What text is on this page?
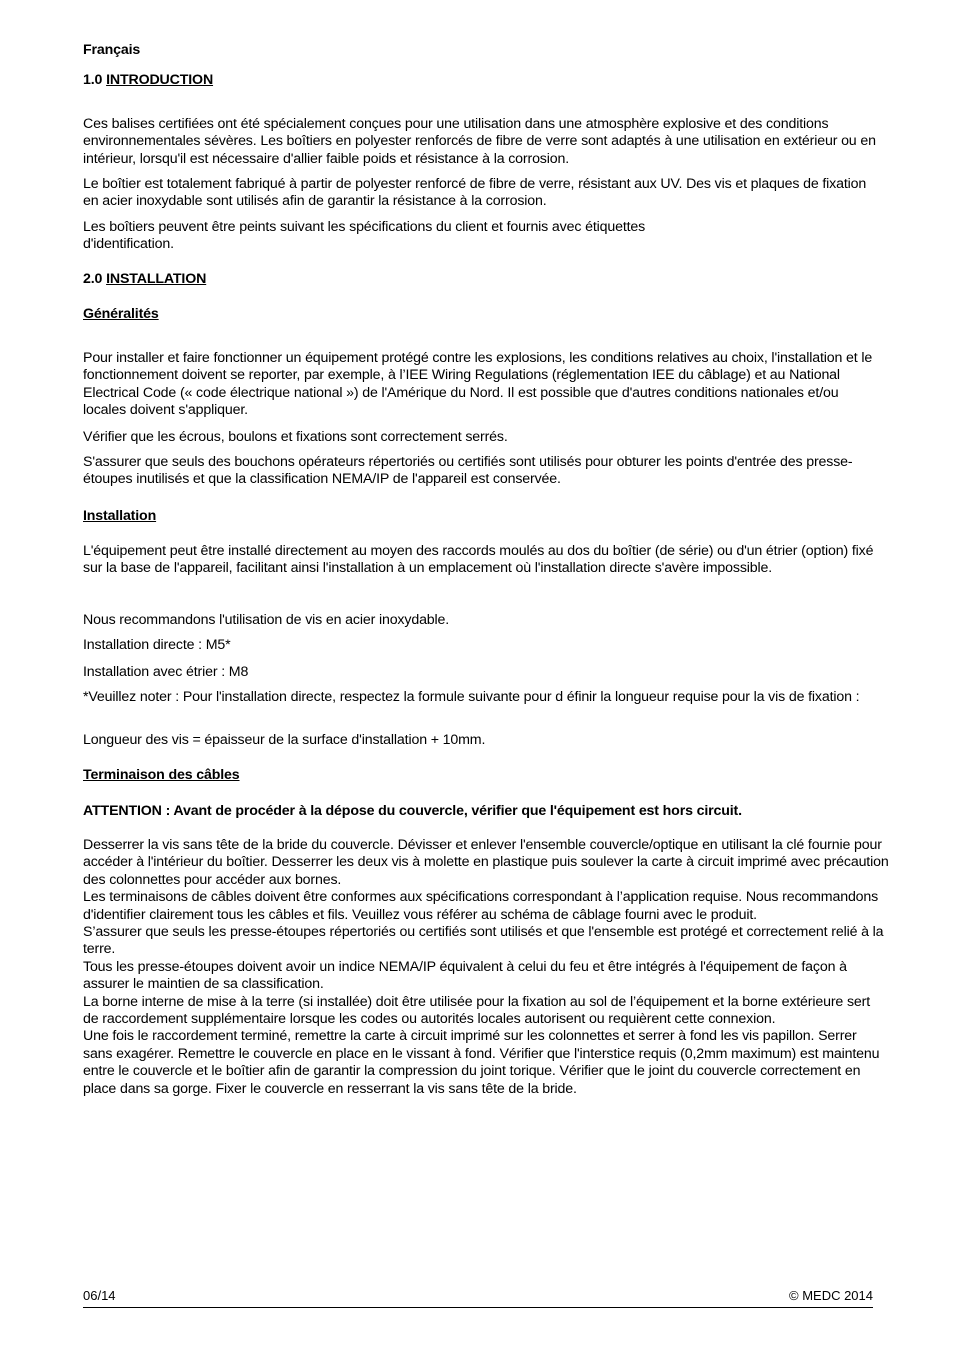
Français
1.0 INTRODUCTION
Ces balises certifiées ont été spécialement conçues pour une utilisation dans une atmosphère explosive et des conditions environnementales sévères. Les boîtiers en polyester renforcés de fibre de verre sont adaptés à une utilisation en extérieur ou en intérieur, lorsqu'il est nécessaire d'allier faible poids et résistance à la corrosion.
Le boîtier est totalement fabriqué à partir de polyester renforcé de fibre de verre, résistant aux UV. Des vis et plaques de fixation en acier inoxydable sont utilisés afin de garantir la résistance à la corrosion.
Les boîtiers peuvent être peints suivant les spécifications du client et fournis avec étiquettes d'identification.
2.0 INSTALLATION
Généralités
Pour installer et faire fonctionner un équipement protégé contre les explosions, les conditions relatives au choix, l'installation et le fonctionnement doivent se reporter, par exemple, à l’IEE Wiring Regulations (réglementation IEE du câblage) et au National Electrical Code (« code électrique national ») de l'Amérique du Nord. Il est possible que d'autres conditions nationales et/ou locales doivent s'appliquer.
Vérifier que les écrous, boulons et fixations sont correctement serrés.
S'assurer que seuls des bouchons opérateurs répertoriés ou certifiés sont utilisés pour obturer les points d'entrée des presse-étoupes inutilisés et que la classification NEMA/IP de l'appareil est conservée.
Installation
L'équipement peut être installé directement au moyen des raccords moulés au dos du boîtier (de série) ou d'un étrier (option) fixé sur la base de l'appareil, facilitant ainsi l'installation à un emplacement où l'installation directe s'avère impossible.
Nous recommandons l'utilisation de vis en acier inoxydable.
Installation directe : M5*
Installation avec étrier : M8
*Veuillez noter : Pour l'installation directe, respectez la formule suivante pour d éfinir la longueur requise pour la vis de fixation :
Longueur des vis = épaisseur de la surface d'installation + 10mm.
Terminaison des câbles
ATTENTION : Avant de procéder à la dépose du couvercle, vérifier que l'équipement est hors circuit.
Desserrer la vis sans tête de la bride du couvercle. Dévisser et enlever l'ensemble couvercle/optique en utilisant la clé fournie pour accéder à l'intérieur du boîtier. Desserrer les deux vis à molette en plastique puis soulever la carte à circuit imprimé avec précaution des colonnettes pour accéder aux bornes.
Les terminaisons de câbles doivent être conformes aux spécifications correspondant à l’application requise. Nous recommandons d'identifier clairement tous les câbles et fils. Veuillez vous référer au schéma de câblage fourni avec le produit.
S’assurer que seuls les presse-étoupes répertoriés ou certifiés sont utilisés et que l'ensemble est protégé et correctement relié à la terre.
Tous les presse-étoupes doivent avoir un indice NEMA/IP équivalent à celui du feu et être intégrés à l'équipement de façon à assurer le maintien de sa classification.
La borne interne de mise à la terre (si installée) doit être utilisée pour la fixation au sol de l’équipement et la borne extérieure sert de raccordement supplémentaire lorsque les codes ou autorités locales autorisent ou requièrent cette connexion.
Une fois le raccordement terminé, remettre la carte à circuit imprimé sur les colonnettes et serrer à fond les vis papillon. Serrer sans exagérer. Remettre le couvercle en place en le vissant à fond. Vérifier que l'interstice requis (0,2mm maximum) est maintenu entre le couvercle et le boîtier afin de garantir la compression du joint torique. Vérifier que le joint du couvercle correctement en place dans sa gorge. Fixer le couvercle en resserrant la vis sans tête de la bride.
06/14	© MEDC 2014
